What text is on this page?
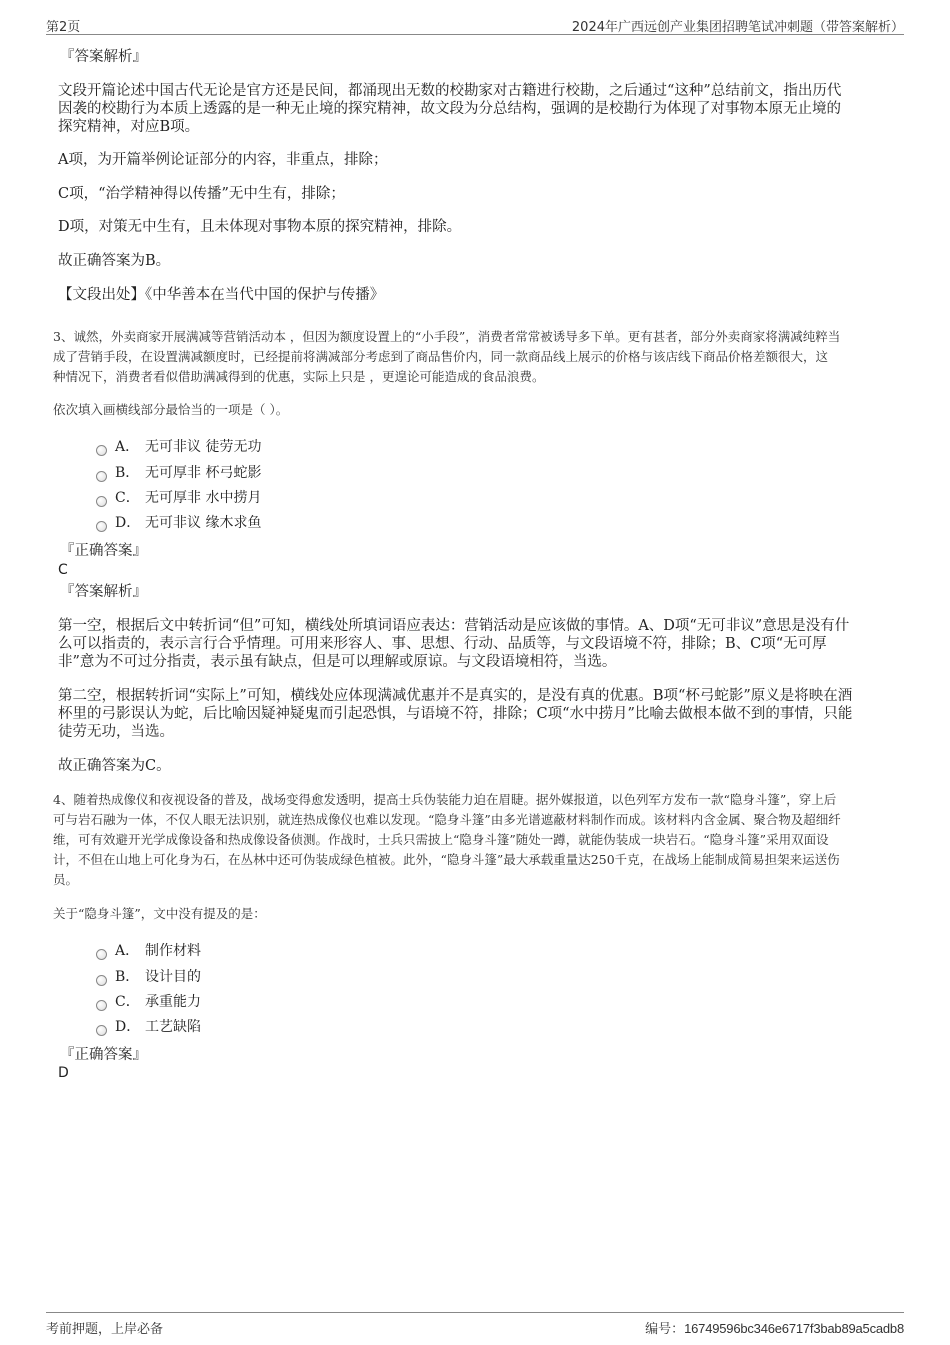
第2页	2024年广西远创产业集团招聘笔试冲刺题（带答案解析）
『答案解析』
文段开篇论述中国古代无论是官方还是民间，都涌现出无数的校勘家对古籍进行校勘，之后通过“这种”总结前文，指出历代
因袭的校勘行为本质上透露的是一种无止境的探究精神，故文段为分总结构，强调的是校勘行为体现了对事物本原无止境的
探究精神，对应B项。
A项，为开篇举例论证部分的内容，非重点，排除；
C项，“治学精神得以传播”无中生有，排除；
D项，对策无中生有，且未体现对事物本原的探究精神，排除。
故正确答案为B。
【文段出处】《中华善本在当代中国的保护与传播》
3、诚然，外卖商家开展满减等营销活动本 ，但因为额度设置上的“小手段”，消费者常常被诱导多下单。更有甚者，部分外卖商家将满减纯粹当
成了营销手段，在设置满减额度时，已经提前将满减部分考虑到了商品售价内，同一款商品线上展示的价格与该店线下商品价格差额很大，这
种情况下，消费者看似借助满减得到的优惠，实际上只是 ，更遑论可能造成的食品浪费。
依次填入画横线部分最恰当的一项是（ ）。
A． 无可非议 徒劳无功
B． 无可厚非 杯弓蛇影
C． 无可厚非 水中捞月
D． 无可非议 缘木求鱼
『正确答案』
C
『答案解析』
第一空，根据后文中转折词“但”可知，横线处所填词语应表达：营销活动是应该做的事情。A、D项“无可非议”意思是没有什
么可以指责的，表示言行合乎情理。可用来形容人、事、思想、行动、品质等，与文段语境不符，排除；B、C项“无可厚
非”意为不可过分指责，表示虽有缺点，但是可以理解或原谅。与文段语境相符，当选。
第二空，根据转折词“实际上”可知，横线处应体现满减优惠并不是真实的，是没有真的优惠。B项“杯弓蛇影”原义是将映在酒
杯里的弓影误认为蛇，后比喻因疑神疑鬼而引起恐惧，与语境不符，排除；C项“水中捞月”比喻去做根本做不到的事情，只能
徒劳无功，当选。
故正确答案为C。
4、随着热成像仪和夜视设备的普及，战场变得愈发透明，提高士兵伪装能力迫在眉睫。据外媒报道，以色列军方发布一款“隐身斗篷”，穿上后
可与岩石融为一体，不仅人眼无法识别，就连热成像仪也难以发现。“隐身斗篷”由多光谱遮蔽材料制作而成。该材料内含金属、聚合物及超细纤
维，可有效避开光学成像设备和热成像设备侦测。作战时，士兵只需披上“隐身斗篷”随处一蹲，就能伪装成一块岩石。“隐身斗篷”采用双面设
计，不但在山地上可化身为石，在丛林中还可伪装成绿色植被。此外，“隐身斗篷”最大承载重量达250千克，在战场上能制成简易担架来运送伤
员。
关于“隐身斗篷”，文中没有提及的是：
A． 制作材料
B． 设计目的
C． 承重能力
D． 工艺缺陷
『正确答案』
D
考前押题，上岸必备	编号：16749596bc346e6717f3bab89a5cadb8
